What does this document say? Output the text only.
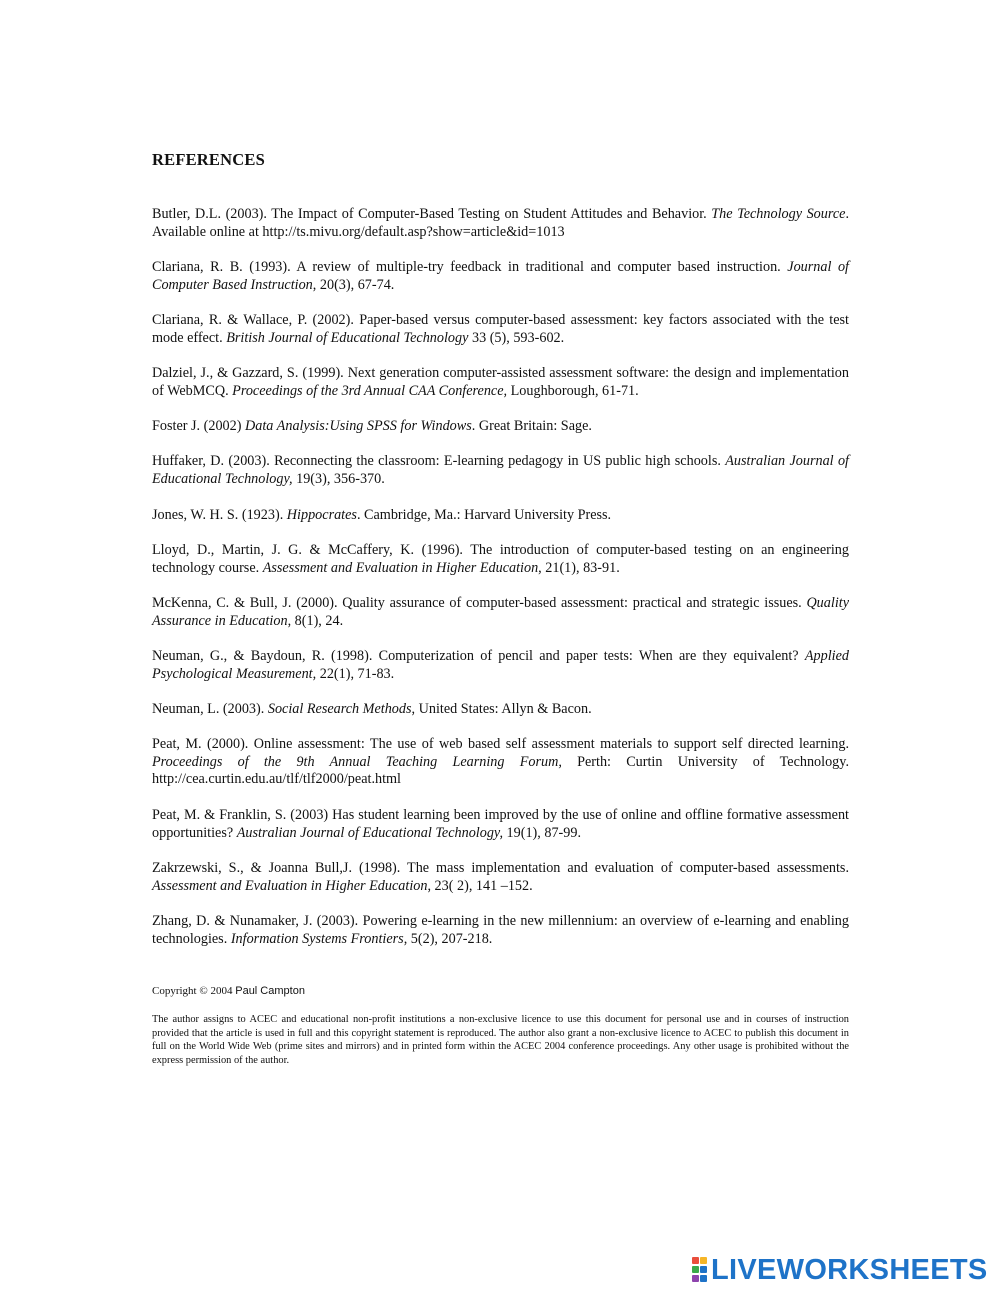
REFERENCES
Butler, D.L. (2003). The Impact of Computer-Based Testing on Student Attitudes and Behavior. The Technology Source. Available online at http://ts.mivu.org/default.asp?show=article&id=1013
Clariana, R. B. (1993). A review of multiple-try feedback in traditional and computer based instruction. Journal of Computer Based Instruction, 20(3), 67-74.
Clariana, R. & Wallace, P. (2002). Paper-based versus computer-based assessment: key factors associated with the test mode effect. British Journal of Educational Technology 33 (5), 593-602.
Dalziel, J., & Gazzard, S. (1999). Next generation computer-assisted assessment software: the design and implementation of WebMCQ. Proceedings of the 3rd Annual CAA Conference, Loughborough, 61-71.
Foster J. (2002) Data Analysis:Using SPSS for Windows. Great Britain: Sage.
Huffaker, D. (2003). Reconnecting the classroom: E-learning pedagogy in US public high schools. Australian Journal of Educational Technology, 19(3), 356-370.
Jones, W. H. S. (1923). Hippocrates. Cambridge, Ma.: Harvard University Press.
Lloyd, D., Martin, J. G. & McCaffery, K. (1996). The introduction of computer-based testing on an engineering technology course. Assessment and Evaluation in Higher Education, 21(1), 83-91.
McKenna, C. & Bull, J. (2000). Quality assurance of computer-based assessment: practical and strategic issues. Quality Assurance in Education, 8(1), 24.
Neuman, G., & Baydoun, R. (1998). Computerization of pencil and paper tests: When are they equivalent? Applied Psychological Measurement, 22(1), 71-83.
Neuman, L. (2003). Social Research Methods, United States: Allyn & Bacon.
Peat, M. (2000). Online assessment: The use of web based self assessment materials to support self directed learning. Proceedings of the 9th Annual Teaching Learning Forum, Perth: Curtin University of Technology. http://cea.curtin.edu.au/tlf/tlf2000/peat.html
Peat, M. & Franklin, S. (2003) Has student learning been improved by the use of online and offline formative assessment opportunities? Australian Journal of Educational Technology, 19(1), 87-99.
Zakrzewski, S., & Joanna Bull,J. (1998). The mass implementation and evaluation of computer-based assessments. Assessment and Evaluation in Higher Education, 23( 2), 141 –152.
Zhang, D. & Nunamaker, J. (2003). Powering e-learning in the new millennium: an overview of e-learning and enabling technologies. Information Systems Frontiers, 5(2), 207-218.
Copyright © 2004 Paul Campton
The author assigns to ACEC and educational non-profit institutions a non-exclusive licence to use this document for personal use and in courses of instruction provided that the article is used in full and this copyright statement is reproduced. The author also grant a non-exclusive licence to ACEC to publish this document in full on the World Wide Web (prime sites and mirrors) and in printed form within the ACEC 2004 conference proceedings. Any other usage is prohibited without the express permission of the author.
LIVEWORKSHEETS
